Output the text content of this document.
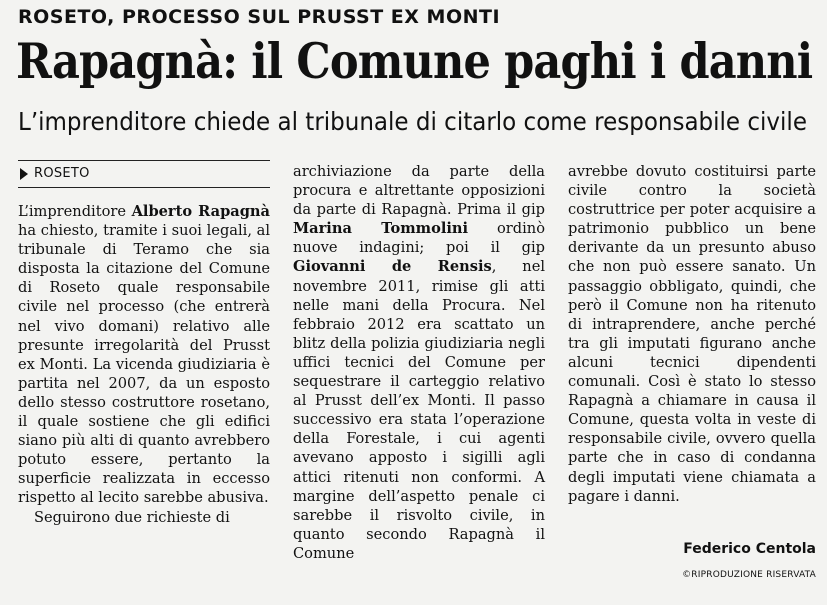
ROSETO, PROCESSO SUL PRUSST EX MONTI
Rapagnà: il Comune paghi i danni
L’imprenditore chiede al tribunale di citarlo come responsabile civile
ROSETO

L’imprenditore Alberto Rapagnà ha chiesto, tramite i suoi legali, al tribunale di Teramo che sia disposta la citazione del Comune di Roseto quale responsabile civile nel processo (che entrerà nel vivo domani) relativo alle presunte irregolarità del Prusst ex Monti. La vicenda giudiziaria è partita nel 2007, da un esposto dello stesso costruttore rosetano, il quale sostiene che gli edifici siano più alti di quanto avrebbero potuto essere, pertanto la superficie realizzata in eccesso rispetto al lecito sarebbe abusiva.

Seguirono due richieste di

archiviazione da parte della procura e altrettante opposizioni da parte di Rapagnà. Prima il gip Marina Tommolini ordinò nuove indagini; poi il gip Giovanni de Rensis, nel novembre 2011, rimise gli atti nelle mani della Procura. Nel febbraio 2012 era scattato un blitz della polizia giudiziaria negli uffici tecnici del Comune per sequestrare il carteggio relativo al Prusst dell’ex Monti. Il passo successivo era stata l’operazione della Forestale, i cui agenti avevano apposto i sigilli agli attici ritenuti non conformi. A margine dell’aspetto penale ci sarebbe il risvolto civile, in quanto secondo Rapagnà il Comune

avrebbe dovuto costituirsi parte civile contro la società costruttrice per poter acquisire a patrimonio pubblico un bene derivante da un presunto abuso che non può essere sanato. Un passaggio obbligato, quindi, che però il Comune non ha ritenuto di intraprendere, anche perché tra gli imputati figurano anche alcuni tecnici dipendenti comunali. Così è stato lo stesso Rapagnà a chiamare in causa il Comune, questa volta in veste di responsabile civile, ovvero quella parte che in caso di condanna degli imputati viene chiamata a pagare i danni.

Federico Centola
©RIPRODUZIONE RISERVATA
